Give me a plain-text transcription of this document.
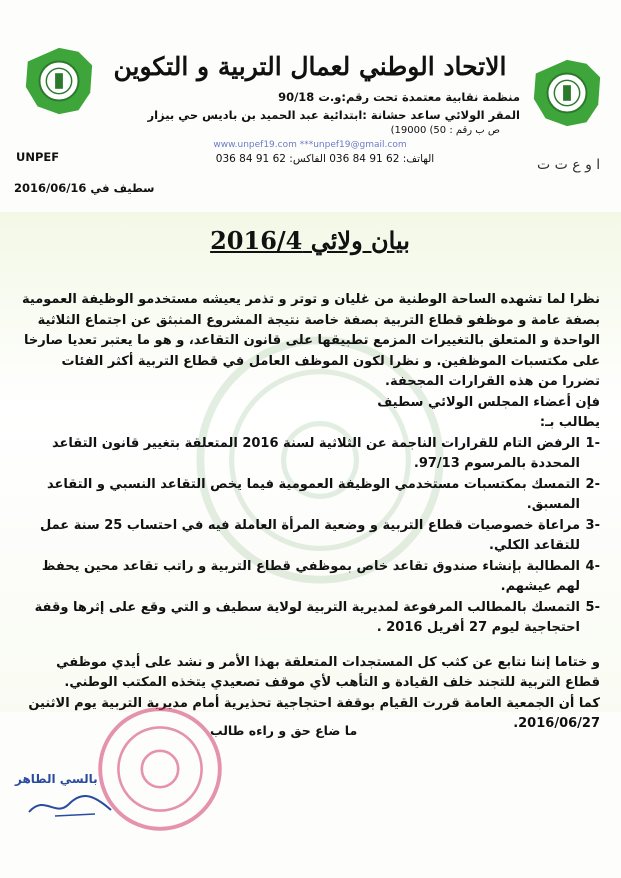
الاتحاد الوطني لعمال التربية و التكوين
منظمة نقابية معتمدة تحت رقم:و.ت 90/18
المقر الولائي ساعد حشانة :ابتدائية عبد الحميد بن باديس حي بيزار
ص ب رقم : 50) 19000)
www.unpef19.com ***unpef19@gmail.com
الهاتف: 62 91 84 036 الفاكس: 62 91 84 036
UNPEF	ا و ع ت ت
سطيف في 2016/06/16
بيان ولائي 2016/4

نظرا لما تشهده الساحة الوطنية من غليان و توتر و تذمر يعيشه مستخدمو الوظيفة العمومية بصفة عامة و موظفو قطاع التربية بصفة خاصة نتيجة المشروع المنبثق عن اجتماع الثلاثية الواحدة و المتعلق بالتغييرات المزمع تطبيقها على قانون التقاعد، و هو ما يعتبر تعديا صارخا على مكتسبات الموظفين. و نظرا لكون الموظف العامل في قطاع التربية أكثر الفئات تضررا من هذه القرارات المجحفة.

فإن أعضاء المجلس الولائي سطيف

يطالب بـ:

-1
الرفض التام للقرارات الناجمة عن الثلاثية لسنة 2016 المتعلقة بتغيير قانون التقاعد المحددة بالمرسوم 97/13.

-2
التمسك بمكتسبات مستخدمي الوظيفة العمومية فيما يخص التقاعد النسبي و التقاعد المسبق.

-3
مراعاة خصوصيات قطاع التربية و وضعية المرأة العاملة فيه في احتساب 25 سنة عمل للتقاعد الكلي.

-4
المطالبة بإنشاء صندوق تقاعد خاص بموظفي قطاع التربية و راتب تقاعد محين يحفظ لهم عيشهم.

-5
التمسك بالمطالب المرفوعة لمديرية التربية لولاية سطيف و التي وقع على إثرها وقفة احتجاجية ليوم 27 أفريل 2016 .

و ختاما إننا نتابع عن كثب كل المستجدات المتعلقة بهذا الأمر و نشد على أيدي موظفي قطاع التربية للتجند خلف القيادة و التأهب لأي موقف تصعيدي يتخذه المكتب الوطني.

كما أن الجمعية العامة قررت القيام بوقفة احتجاجية تحذيرية أمام مديرية التربية يوم الاثنين 2016/06/27.

ما ضاع حق و راءه طالب
بالسي الطاهر
